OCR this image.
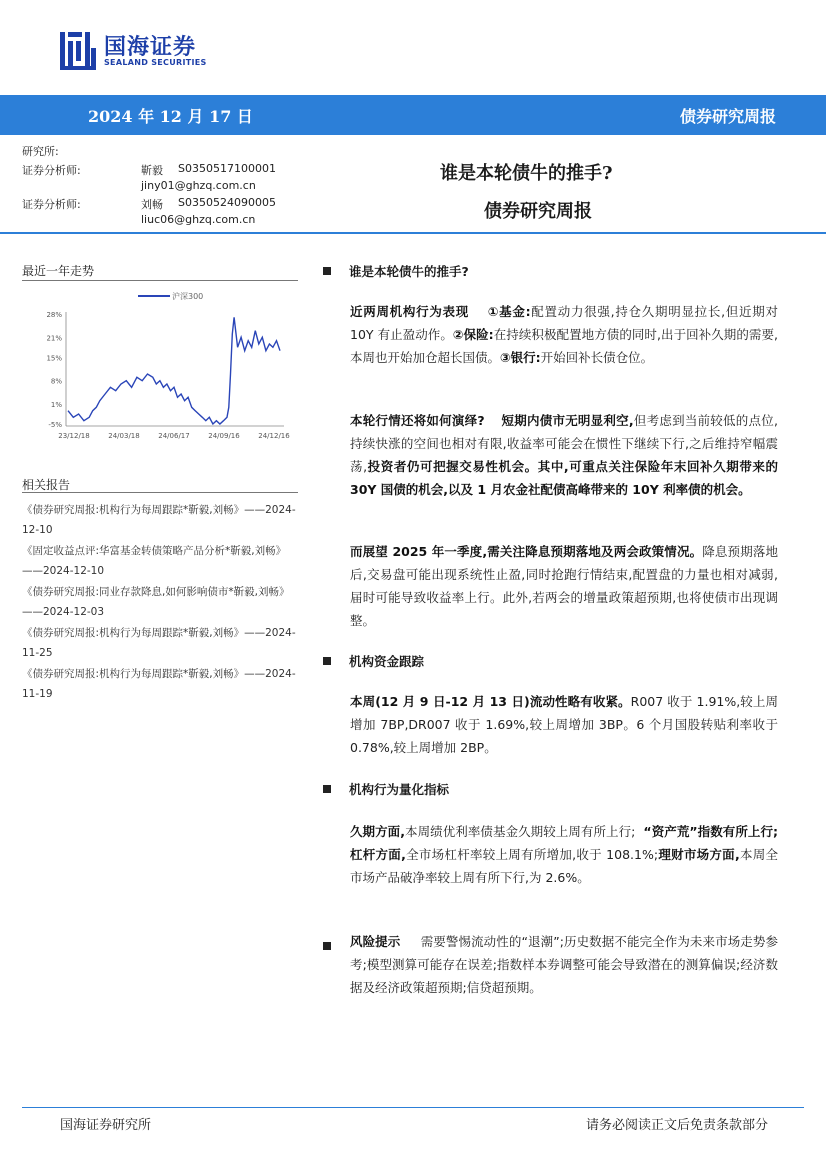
国海证券
SEALAND SECURITIES
2024 年 12 月 17 日	债券研究周报
研究所:
证券分析师:	靳毅 S0350517100001
jiny01@ghzq.com.cn
证券分析师:	刘畅 S0350524090005
liuc06@ghzq.com.cn
谁是本轮债牛的推手?
债券研究周报
最近一年走势
沪深300
28%
21%
15%
8%
1%
-5%
23/12/18	24/03/18	24/06/17	24/09/16	24/12/16
相关报告
《债券研究周报:机构行为每周跟踪*靳毅,刘畅》——2024-12-10
《固定收益点评:华富基金转债策略产品分析*靳毅,刘畅》——2024-12-10
《债券研究周报:同业存款降息,如何影响债市*靳毅,刘畅》——2024-12-03
《债券研究周报:机构行为每周跟踪*靳毅,刘畅》——2024-11-25
《债券研究周报:机构行为每周跟踪*靳毅,刘畅》——2024-11-19
谁是本轮债牛的推手?
近两周机构行为表现 ①基金:配置动力很强,持仓久期明显拉长,但近期对 10Y 有止盈动作。②保险:在持续积极配置地方债的同时,出于回补久期的需要,本周也开始加仓超长国债。③银行:开始回补长债仓位。
本轮行情还将如何演绎? 短期内债市无明显利空,但考虑到当前较低的点位,持续快涨的空间也相对有限,收益率可能会在惯性下继续下行,之后维持窄幅震荡,投资者仍可把握交易性机会。其中,可重点关注保险年末回补久期带来的 30Y 国债的机会,以及 1 月农金社配债高峰带来的 10Y 利率债的机会。
而展望 2025 年一季度,需关注降息预期落地及两会政策情况。降息预期落地后,交易盘可能出现系统性止盈,同时抢跑行情结束,配置盘的力量也相对减弱,届时可能导致收益率上行。此外,若两会的增量政策超预期,也将使债市出现调整。
机构资金跟踪
本周(12 月 9 日-12 月 13 日)流动性略有收紧。R007 收于 1.91%,较上周增加 7BP,DR007 收于 1.69%,较上周增加 3BP。6 个月国股转贴利率收于 0.78%,较上周增加 2BP。
机构行为量化指标
久期方面,本周绩优利率债基金久期较上周有所上行; “资产荒”指数有所上行;杠杆方面,全市场杠杆率较上周有所增加,收于 108.1%;理财市场方面,本周全市场产品破净率较上周有所下行,为 2.6%。
风险提示 需要警惕流动性的“退潮”;历史数据不能完全作为未来市场走势参考;模型测算可能存在误差;指数样本券调整可能会导致潜在的测算偏误;经济数据及经济政策超预期;信贷超预期。
国海证券研究所	请务必阅读正文后免责条款部分
